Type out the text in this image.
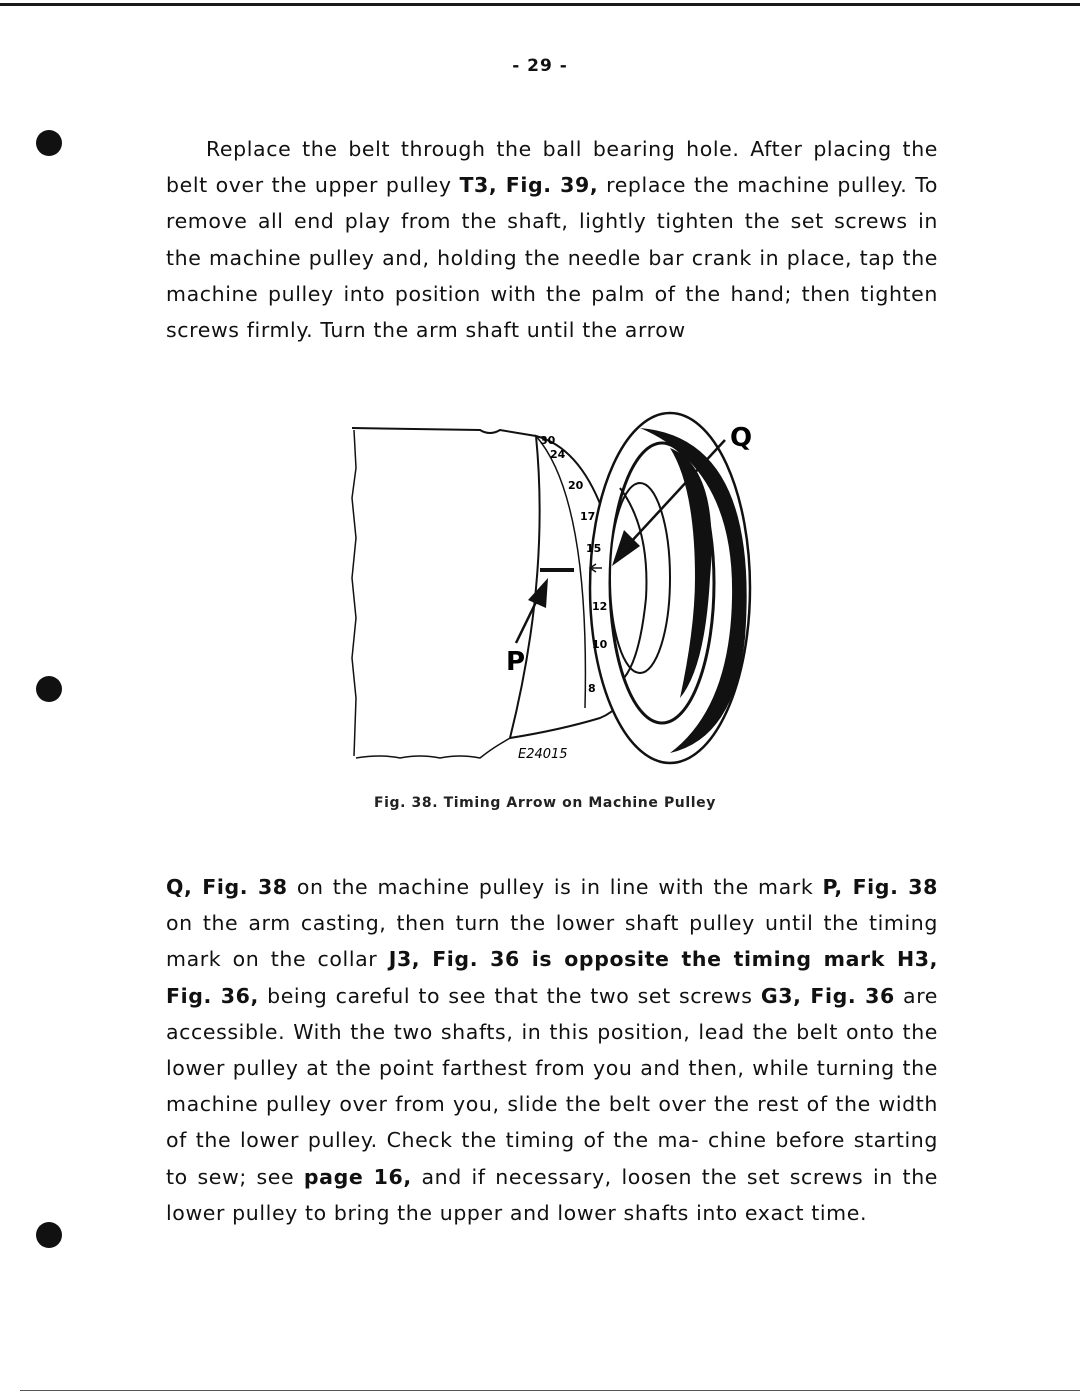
- 29 -

Replace the belt through the ball bearing hole. After placing the belt over the upper pulley T3, Fig. 39, replace the machine pulley. To remove all end play from the shaft, lightly tighten the set screws in the machine pulley and, holding the needle bar crank in place, tap the machine pulley into position with the palm of the hand; then tighten screws firmly. Turn the arm shaft until the arrow

30
24
20
17
15
12
10
8
Q
P
E24015
Fig. 38. Timing Arrow on Machine Pulley

Q, Fig. 38 on the machine pulley is in line with the mark P, Fig. 38 on the arm casting, then turn the lower shaft pulley until the timing mark on the collar J3, Fig. 36 is opposite the timing mark H3, Fig. 36, being careful to see that the two set screws G3, Fig. 36 are accessible. With the two shafts, in this position, lead the belt onto the lower pulley at the point farthest from you and then, while turning the machine pulley over from you, slide the belt over the rest of the width of the lower pulley. Check the timing of the ma- chine before starting to sew; see page 16, and if necessary, loosen the set screws in the lower pulley to bring the upper and lower shafts into exact time.
